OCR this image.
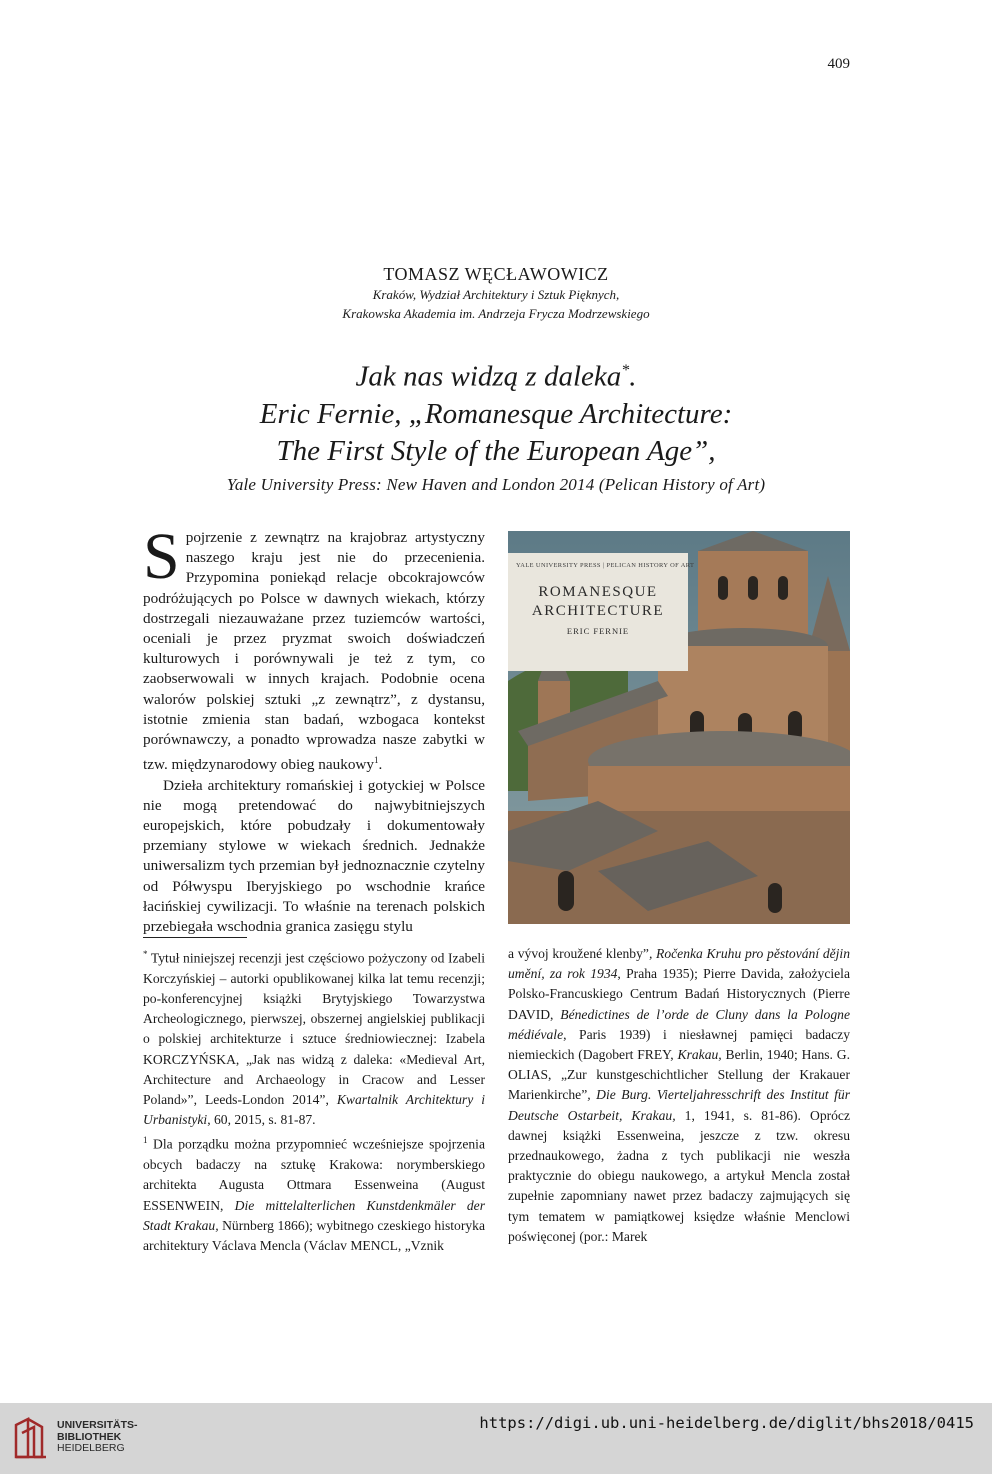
409
TOMASZ WĘCŁAWOWICZ
Kraków, Wydział Architektury i Sztuk Pięknych,
Krakowska Akademia im. Andrzeja Frycza Modrzewskiego
Jak nas widzą z daleka*.
Eric Fernie, „Romanesque Architecture:
The First Style of the European Age”,
Yale University Press: New Haven and London 2014 (Pelican History of Art)

Spojrzenie z zewnątrz na krajobraz artystyczny naszego kraju jest nie do przecenienia. Przypomina poniekąd relacje obcokrajowców podróżujących po Polsce w dawnych wiekach, którzy dostrzegali niezauważane przez tuziemców wartości, oceniali je przez pryzmat swoich doświadczeń kulturowych i porównywali je też z tym, co zaobserwowali w innych krajach. Podobnie ocena walorów polskiej sztuki „z zewnątrz”, z dystansu, istotnie zmienia stan badań, wzbogaca kontekst porównawczy, a ponadto wprowadza nasze zabytki w tzw. międzynarodowy obieg naukowy$^1$.

Dzieła architektury romańskiej i gotyckiej w Polsce nie mogą pretendować do najwybitniejszych europejskich, które pobudzały i dokumentowały przemiany stylowe w wiekach średnich. Jednakże uniwersalizm tych przemian był jednoznacznie czytelny od Półwyspu Iberyjskiego po wschodnie krańce łacińskiej cywilizacji. To właśnie na terenach polskich przebiegała wschodnia granica zasięgu stylu

YALE UNIVERSITY PRESS | PELICAN HISTORY OF ART
ROMANESQUE
ARCHITECTURE
ERIC FERNIE

* Tytuł niniejszej recenzji jest częściowo pożyczony od Izabeli Korczyńskiej – autorki opublikowanej kilka lat temu recenzji; po-konferencyjnej książki Brytyjskiego Towarzystwa Archeologicznego, pierwszej, obszernej angielskiej publikacji o polskiej architekturze i sztuce średniowiecznej: Izabela KORCZYŃSKA, „Jak nas widzą z daleka: «Medieval Art, Architecture and Archaeology in Cracow and Lesser Poland»”, Leeds-London 2014”, Kwartalnik Architektury i Urbanistyki, 60, 2015, s. 81-87.

$^1$ Dla porządku można przypomnieć wcześniejsze spojrzenia obcych badaczy na sztukę Krakowa: norymberskiego architekta Augusta Ottmara Essenweina (August ESSENWEIN, Die mittelalterlichen Kunstdenkmäler der Stadt Krakau, Nürnberg 1866); wybitnego czeskiego historyka architektury Václava Mencla (Václav MENCL, „Vznik

a vývoj kroužené klenby”, Ročenka Kruhu pro pěstování dějin umění, za rok 1934, Praha 1935); Pierre Davida, założyciela Polsko-Francuskiego Centrum Badań Historycznych (Pierre DAVID, Bénedictines de l’orde de Cluny dans la Pologne médiévale, Paris 1939) i niesławnej pamięci badaczy niemieckich (Dagobert FREY, Krakau, Berlin, 1940; Hans. G. OLIAS, „Zur kunstgeschichtlicher Stellung der Krakauer Marienkirche”, Die Burg. Vierteljahresschrift des Institut für Deutsche Ostarbeit, Krakau, 1, 1941, s. 81-86). Oprócz dawnej książki Essenweina, jeszcze z tzw. okresu przednaukowego, żadna z tych publikacji nie weszła praktycznie do obiegu naukowego, a artykuł Mencla został zupełnie zapomniany nawet przez badaczy zajmujących się tym tematem w pamiątkowej księdze właśnie Menclowi poświęconej (por.: Marek

UNIVERSITÄTS-
BIBLIOTHEK
HEIDELBERG
https://digi.ub.uni-heidelberg.de/diglit/bhs2018/0415
